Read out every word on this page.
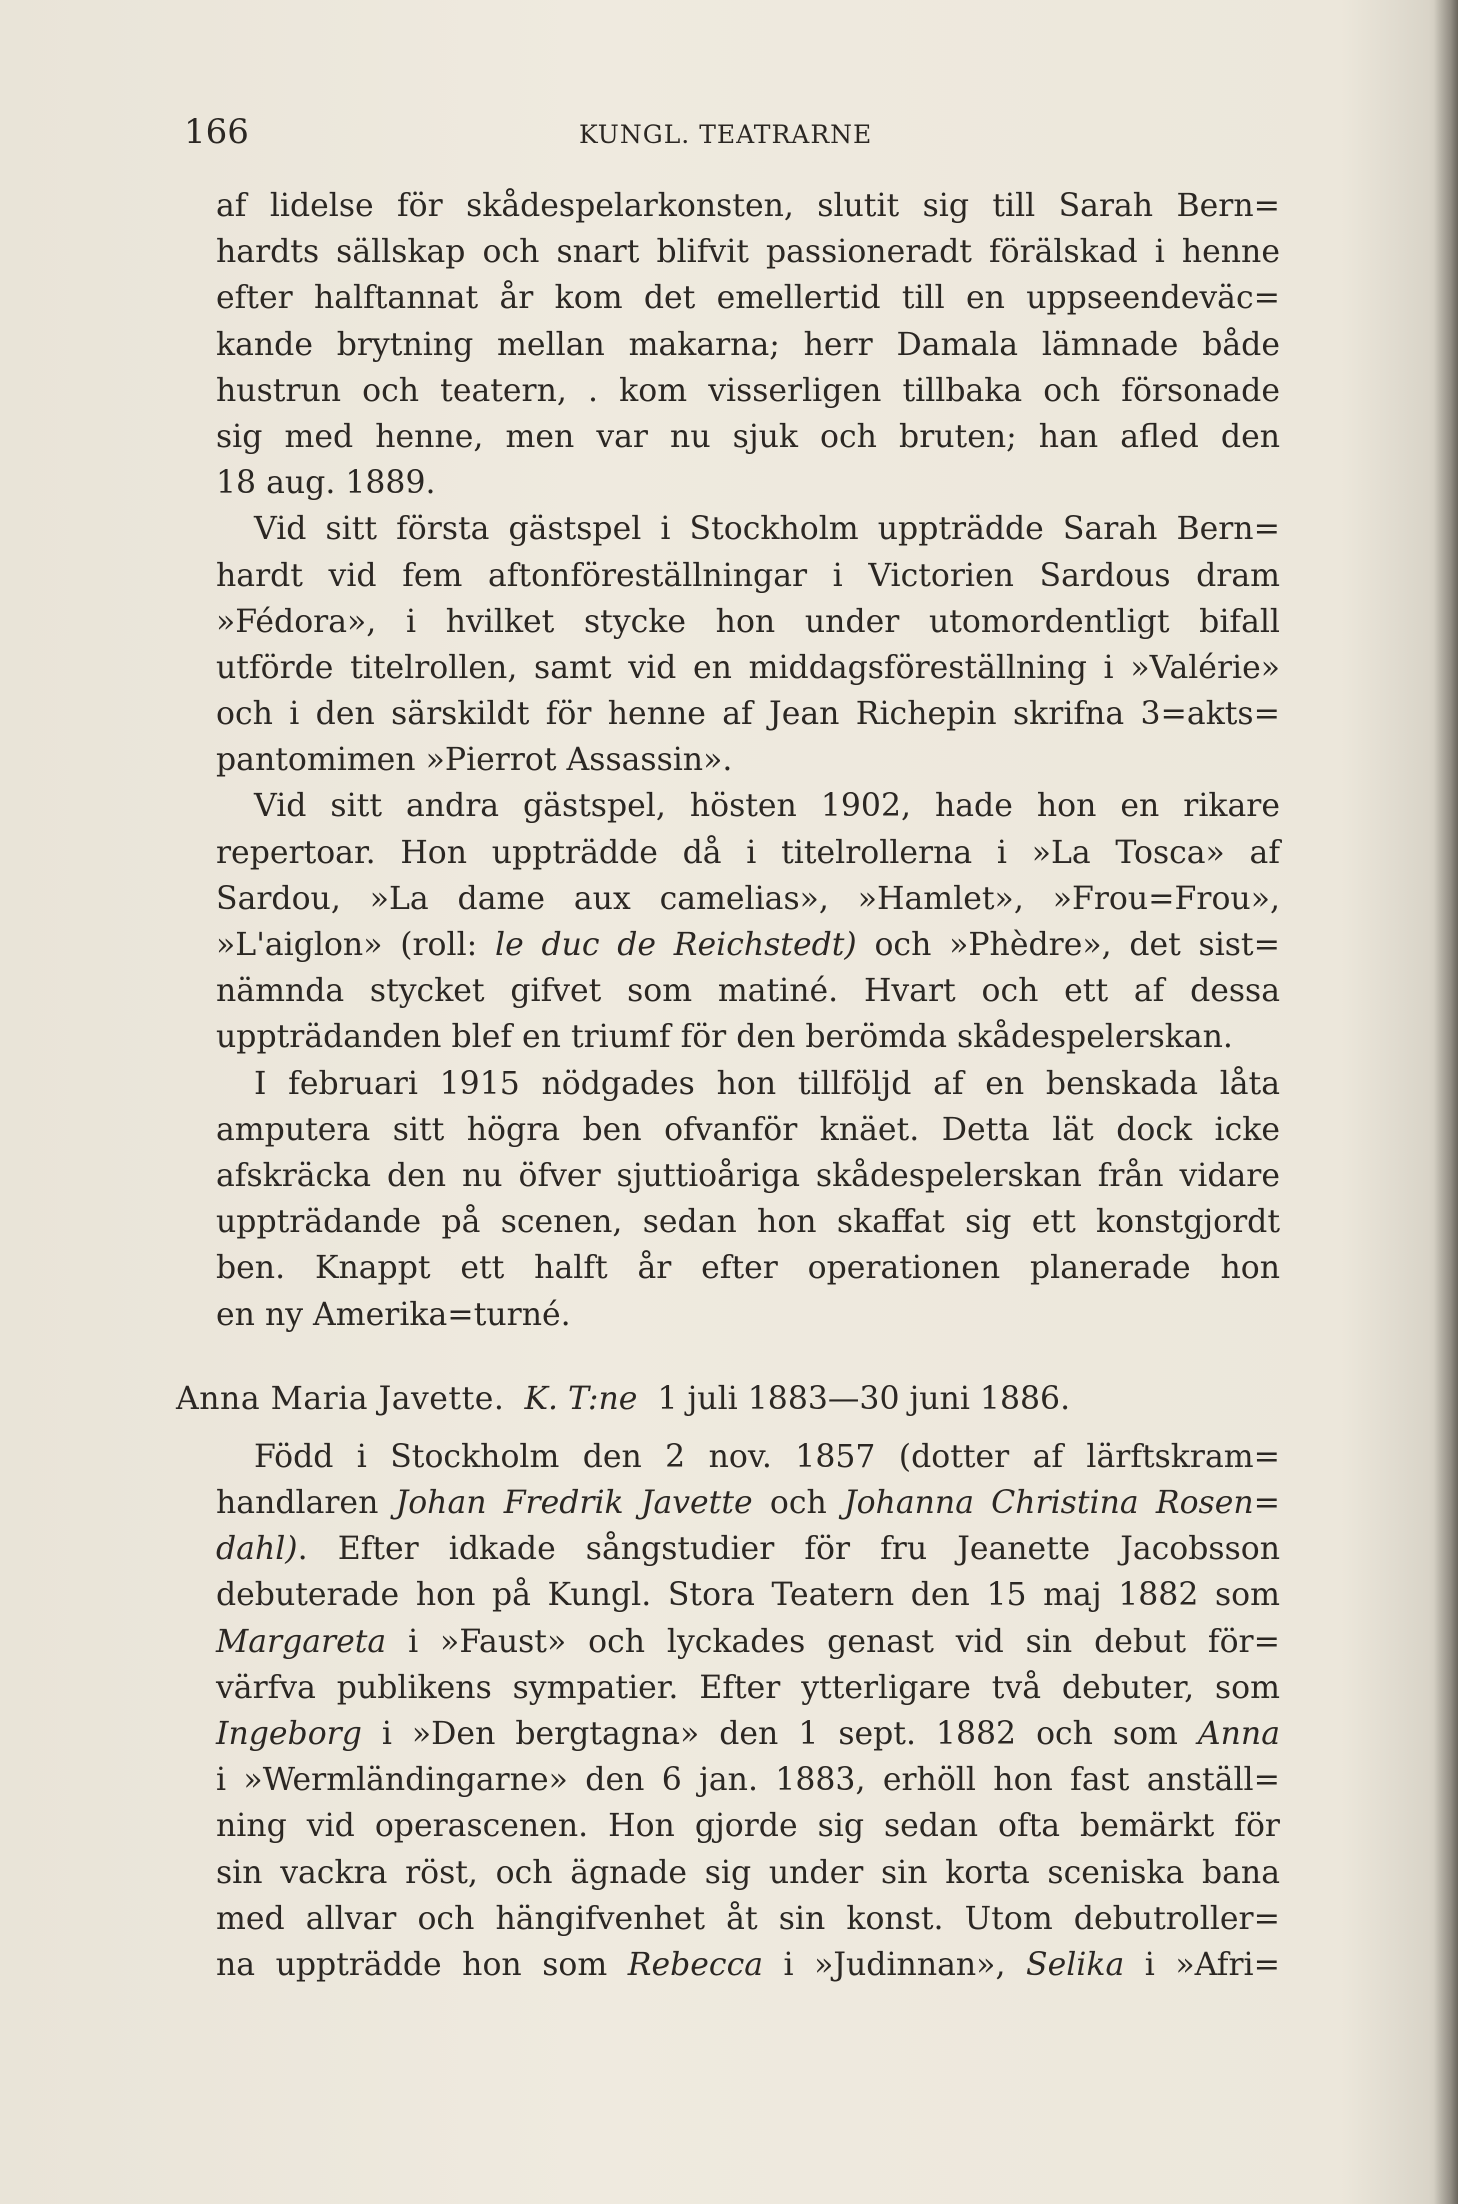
166	KUNGL. TEATRARNE
af lidelse för skådespelarkonsten, slutit sig till Sarah Bern=
hardts sällskap och snart blifvit passioneradt förälskad i henne
efter halftannat år kom det emellertid till en uppseendeväc=
kande brytning mellan makarna; herr Damala lämnade både
hustrun och teatern, . kom visserligen tillbaka och försonade
sig med henne, men var nu sjuk och bruten; han afled den
18 aug. 1889.
Vid sitt första gästspel i Stockholm uppträdde Sarah Bern=
hardt vid fem aftonföreställningar i Victorien Sardous dram
»Fédora», i hvilket stycke hon under utomordentligt bifall
utförde titelrollen, samt vid en middagsföreställning i »Valérie»
och i den särskildt för henne af Jean Richepin skrifna 3=akts=
pantomimen »Pierrot Assassin».
Vid sitt andra gästspel, hösten 1902, hade hon en rikare
repertoar. Hon uppträdde då i titelrollerna i »La Tosca» af
Sardou, »La dame aux camelias», »Hamlet», »Frou=Frou»,
»L'aiglon» (roll: le duc de Reichstedt) och »Phèdre», det sist=
nämnda stycket gifvet som matiné. Hvart och ett af dessa
uppträdanden blef en triumf för den berömda skådespelerskan.
I februari 1915 nödgades hon tillföljd af en benskada låta
amputera sitt högra ben ofvanför knäet. Detta lät dock icke
afskräcka den nu öfver sjuttioåriga skådespelerskan från vidare
uppträdande på scenen, sedan hon skaffat sig ett konstgjordt
ben. Knappt ett halft år efter operationen planerade hon
en ny Amerika=turné.
Anna Maria Javette. K. T:ne 1 juli 1883—30 juni 1886.
Född i Stockholm den 2 nov. 1857 (dotter af lärftskram=
handlaren Johan Fredrik Javette och Johanna Christina Rosen=
dahl). Efter idkade sångstudier för fru Jeanette Jacobsson
debuterade hon på Kungl. Stora Teatern den 15 maj 1882 som
Margareta i »Faust» och lyckades genast vid sin debut för=
värfva publikens sympatier. Efter ytterligare två debuter, som
Ingeborg i »Den bergtagna» den 1 sept. 1882 och som Anna
i »Wermländingarne» den 6 jan. 1883, erhöll hon fast anställ=
ning vid operascenen. Hon gjorde sig sedan ofta bemärkt för
sin vackra röst, och ägnade sig under sin korta sceniska bana
med allvar och hängifvenhet åt sin konst. Utom debutroller=
na uppträdde hon som Rebecca i »Judinnan», Selika i »Afri=
